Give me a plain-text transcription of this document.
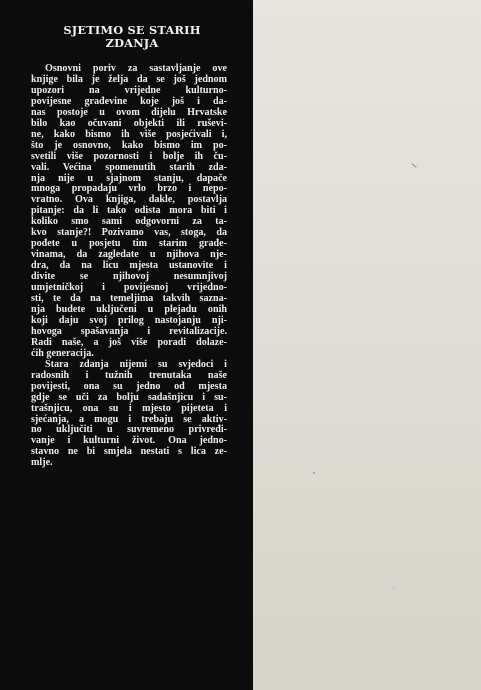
SJETIMO SE STARIH
ZDANJA
Osnovni poriv za sastavljanje ove
knjige bila je želja da se još jednom
upozori na vrijedne kulturno-
povijesne građevine koje još i da-
nas postoje u ovom dijelu Hrvatske
bilo kao očuvani objekti ili ruševi-
ne, kako bismo ih više posjećivali i,
što je osnovno, kako bismo im po-
svetili više pozornosti i bolje ih ču-
vali. Većina spomenutih starih zda-
nja nije u sjajnom stanju, dapače
mnoga propadaju vrlo brzo i nepo-
vratno. Ova knjiga, dakle, postavlja
pitanje: da li tako odista mora biti i
koliko smo sami odgovorni za ta-
kvo stanje?! Pozivamo vas, stoga, da
pođete u posjetu tim starim građe-
vinama, da zagledate u njihova nje-
dra, da na licu mjesta ustanovite i
divite se njihovoj nesumnjivoj
umjetničkoj i povijesnoj vrijedno-
sti, te da na temeljima takvih sazna-
nja budete uključeni u plejadu onih
koji daju svoj prilog nastojanju nji-
hovoga spašavanja i revitalizacije.
Radi naše, a još više poradi dolaze-
ćih generacija.
Stara zdanja nijemi su svjedoci i
radosnih i tužnih trenutaka naše
povijesti, ona su jedno od mjesta
gdje se uči za bolju sadašnjicu i su-
trašnjicu, ona su i mjesto pijeteta i
sjećanja, a mogu i trebaju se aktiv-
no uključiti u suvremeno privređi-
vanje i kulturni život. Ona jedno-
stavno ne bi smjela nestati s lica ze-
mlje.
